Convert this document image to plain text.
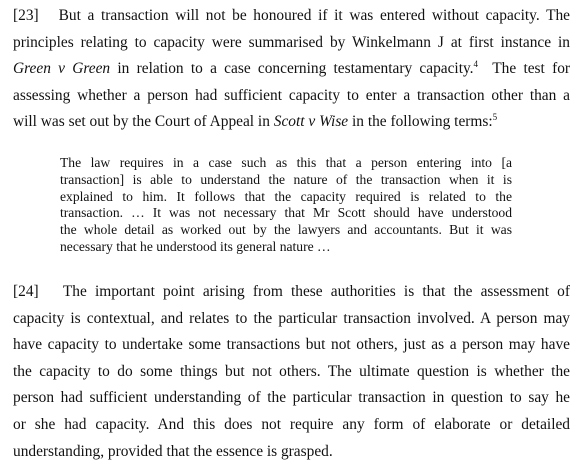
[23] But a transaction will not be honoured if it was entered without capacity. The
principles relating to capacity were summarised by Winkelmann J at first instance in
Green v Green in relation to a case concerning testamentary capacity.$^4$ The test for
assessing whether a person had sufficient capacity to enter a transaction other than a
will was set out by the Court of Appeal in Scott v Wise in the following terms:$^5$
The law requires in a case such as this that a person entering into [a
transaction] is able to understand the nature of the transaction when it is
explained to him. It follows that the capacity required is related to the
transaction. … It was not necessary that Mr Scott should have understood
the whole detail as worked out by the lawyers and accountants. But it was
necessary that he understood its general nature …
[24] The important point arising from these authorities is that the assessment of
capacity is contextual, and relates to the particular transaction involved. A person may
have capacity to undertake some transactions but not others, just as a person may have
the capacity to do some things but not others. The ultimate question is whether the
person had sufficient understanding of the particular transaction in question to say he
or she had capacity. And this does not require any form of elaborate or detailed
understanding, provided that the essence is grasped.
